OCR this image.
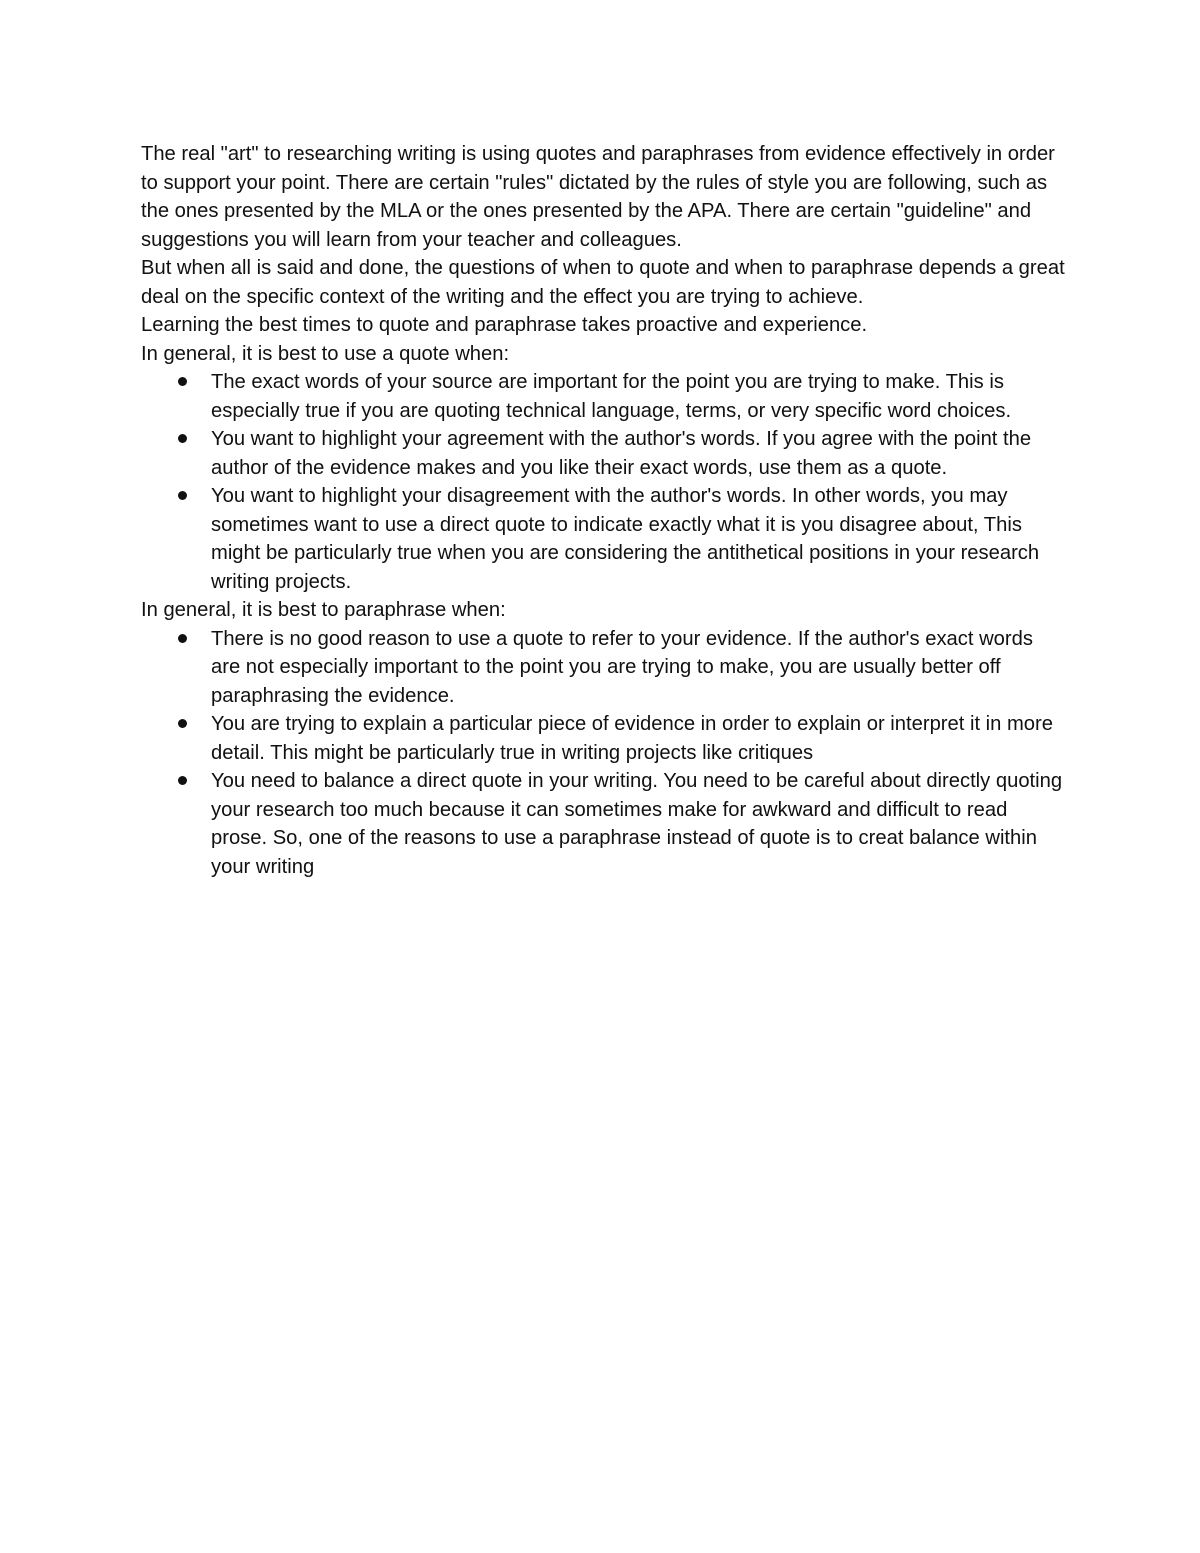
The real "art" to researching writing is using quotes and paraphrases from evidence effectively in order to support your point. There are certain "rules" dictated by the rules of style you are following, such as the ones presented by the MLA or the ones presented by the APA. There are certain "guideline" and suggestions you will learn from your teacher and colleagues.

But when all is said and done, the questions of when to quote and when to paraphrase depends a great deal on the specific context of the writing and the effect you are trying to achieve.

Learning the best times to quote and paraphrase takes proactive and experience.

In general, it is best to use a quote when:

The exact words of your source are important for the point you are trying to make. This is especially true if you are quoting technical language, terms, or very specific word choices.
You want to highlight your agreement with the author's words. If you agree with the point the author of the evidence makes and you like their exact words, use them as a quote.
You want to highlight your disagreement with the author's words. In other words, you may sometimes want to use a direct quote to indicate exactly what it is you disagree about, This might be particularly true when you are considering the antithetical positions in your research writing projects.

In general, it is best to paraphrase when:

There is no good reason to use a quote to refer to your evidence. If the author's exact words are not especially important to the point you are trying to make, you are usually better off paraphrasing the evidence.
You are trying to explain a particular piece of evidence in order to explain or interpret it in more detail. This might be particularly true in writing projects like critiques
You need to balance a direct quote in your writing. You need to be careful about directly quoting your research too much because it can sometimes make for awkward and difficult to read prose. So, one of the reasons to use a paraphrase instead of quote is to creat balance within your writing
